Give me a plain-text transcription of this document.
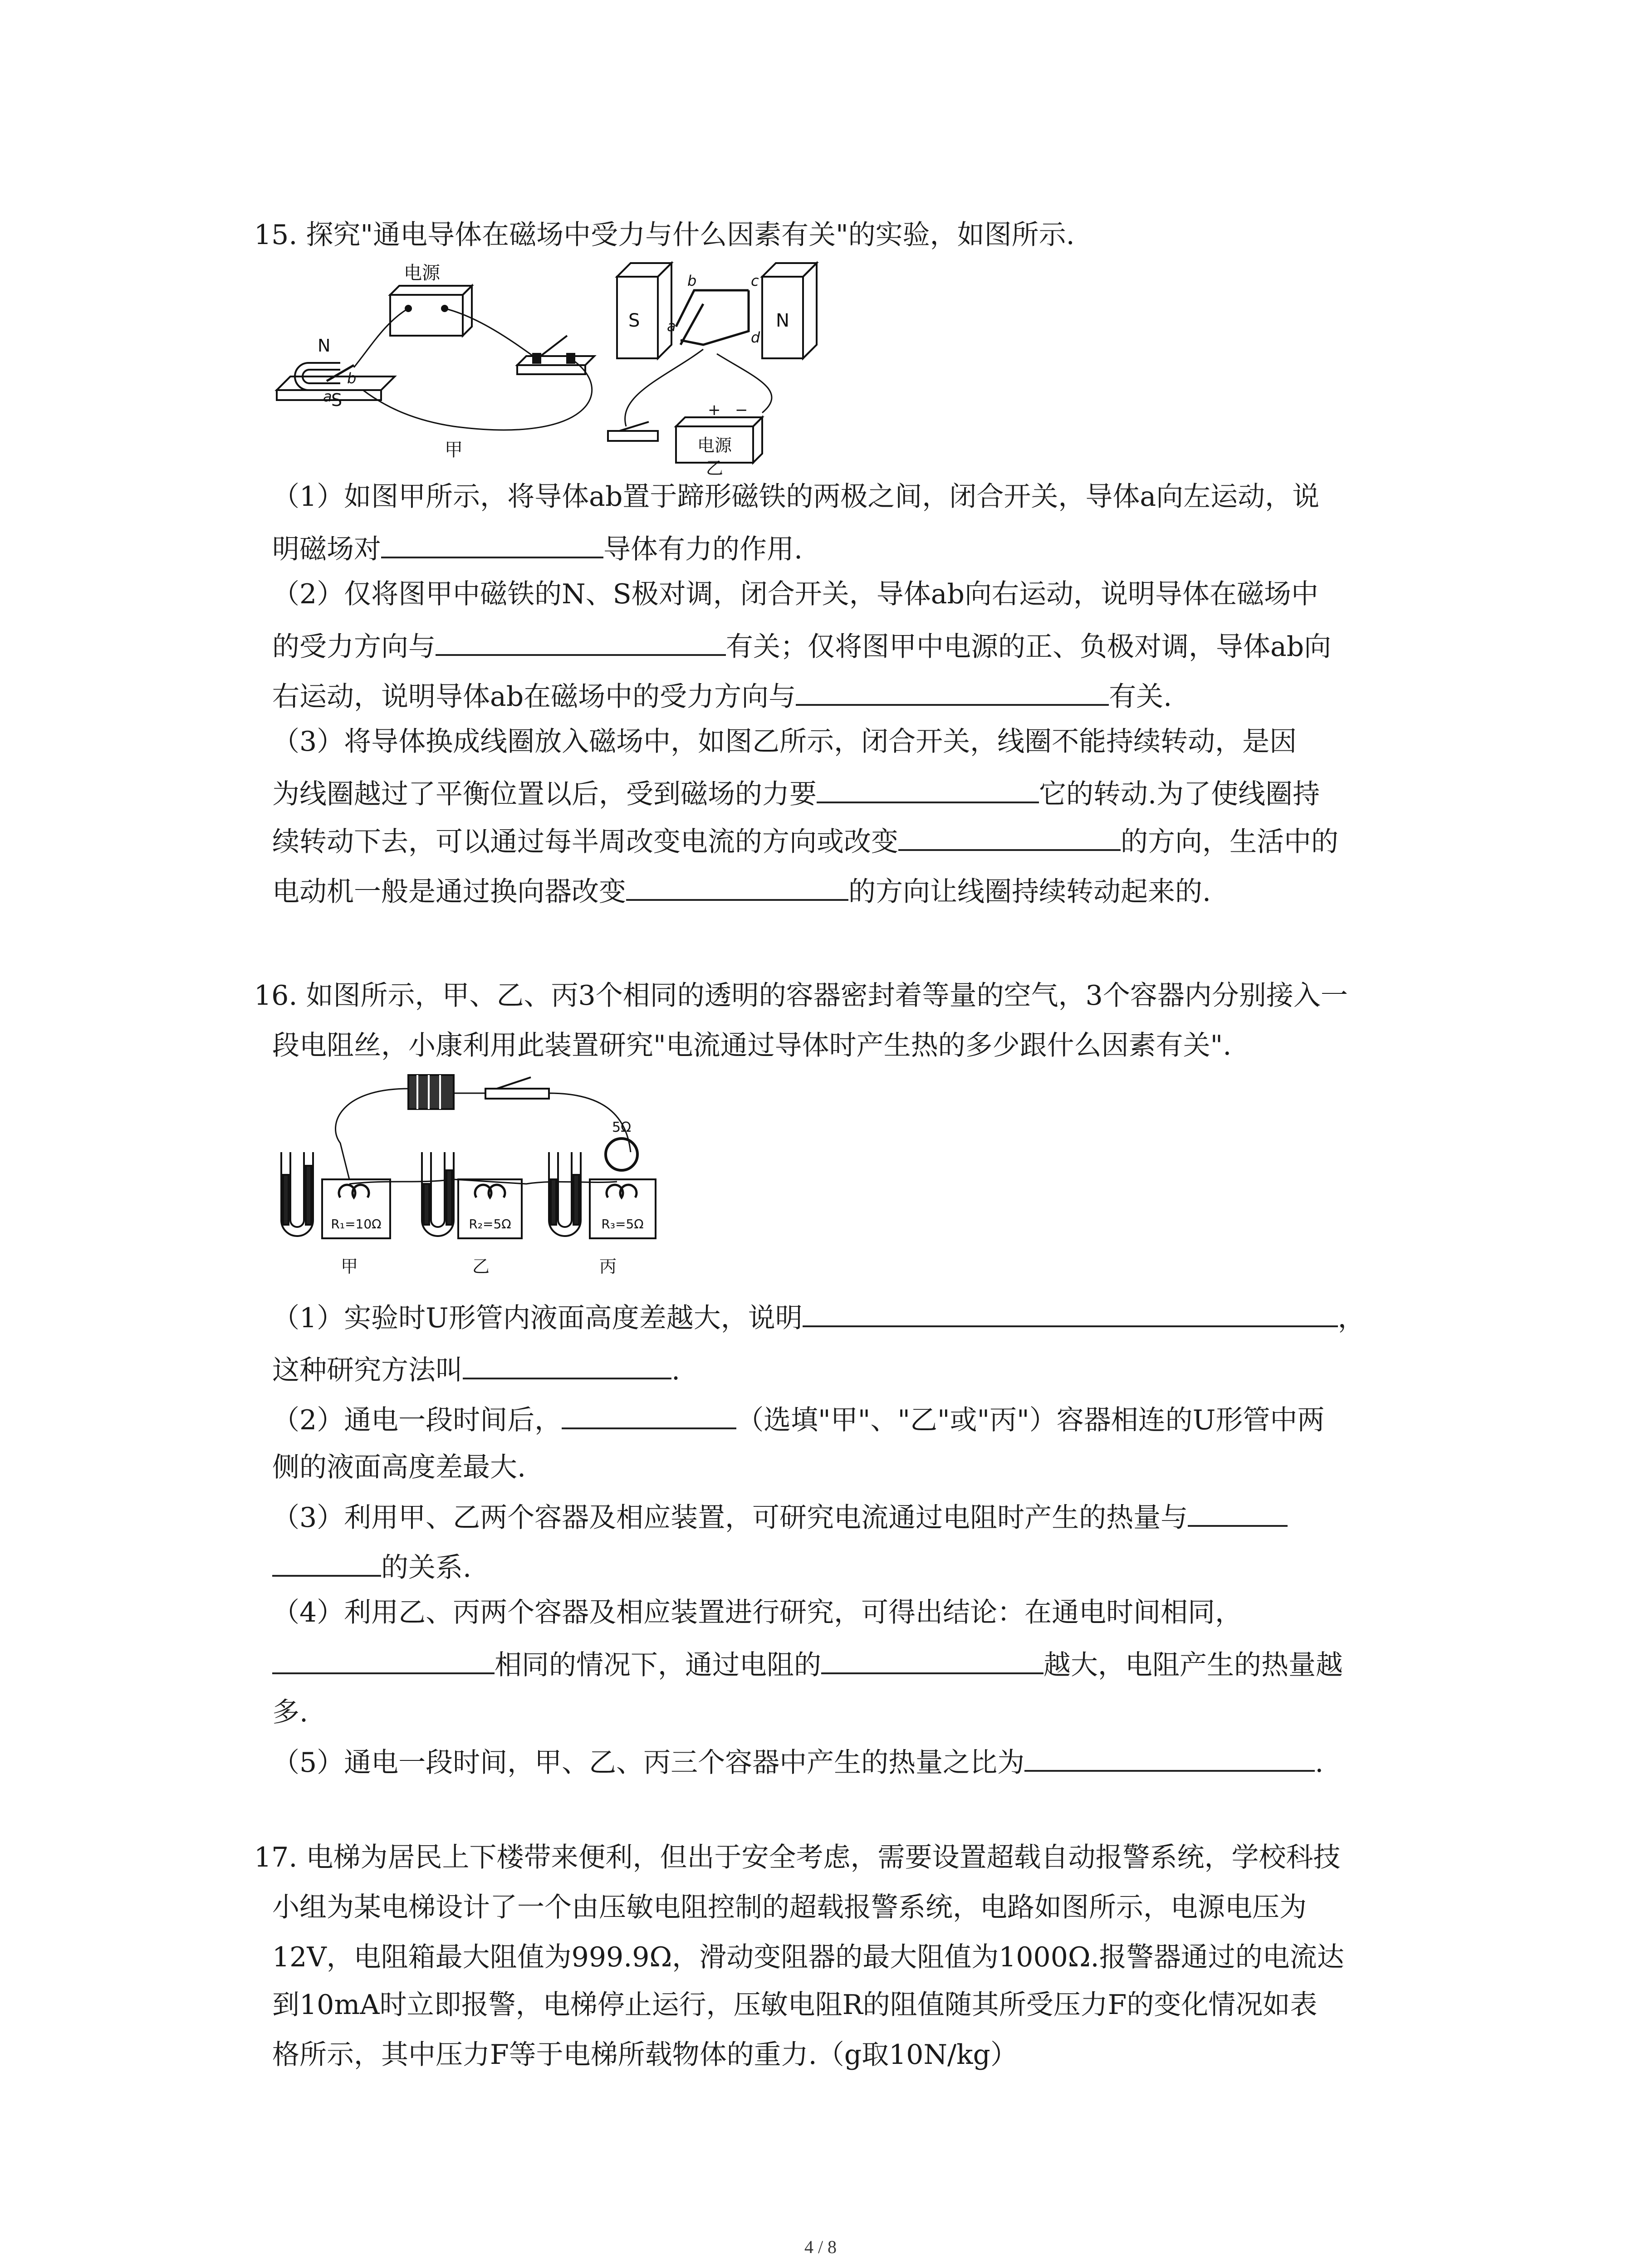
15. 探究"通电导体在磁场中受力与什么因素有关"的实验，如图所示.
电源
N
S
a
b
甲
S	N
a
b	c
d
+ −
电源
乙
（1）如图甲所示，将导体ab置于蹄形磁铁的两极之间，闭合开关，导体a向左运动，说
明磁场对	导体有力的作用.
（2）仅将图甲中磁铁的N、S极对调，闭合开关，导体ab向右运动，说明导体在磁场中
的受力方向与	有关；仅将图甲中电源的正、负极对调，导体ab向
右运动，说明导体ab在磁场中的受力方向与	有关.
（3）将导体换成线圈放入磁场中，如图乙所示，闭合开关，线圈不能持续转动，是因
为线圈越过了平衡位置以后，受到磁场的力要	它的转动.为了使线圈持
续转动下去，可以通过每半周改变电流的方向或改变	的方向，生活中的
电动机一般是通过换向器改变	的方向让线圈持续转动起来的.
16. 如图所示，甲、乙、丙3个相同的透明的容器密封着等量的空气，3个容器内分别接入一
段电阻丝，小康利用此装置研究"电流通过导体时产生热的多少跟什么因素有关".
R₁=10Ω	R₂=5Ω
5Ω
R₃=5Ω
甲	乙	丙
（1）实验时U形管内液面高度差越大，说明	，
这种研究方法叫	.
（2）通电一段时间后，	（选填"甲"、"乙"或"丙"）容器相连的U形管中两
侧的液面高度差最大.
（3）利用甲、乙两个容器及相应装置，可研究电流通过电阻时产生的热量与
的关系.
（4）利用乙、丙两个容器及相应装置进行研究，可得出结论：在通电时间相同，
相同的情况下，通过电阻的	越大，电阻产生的热量越
多.
（5）通电一段时间，甲、乙、丙三个容器中产生的热量之比为	.
17. 电梯为居民上下楼带来便利，但出于安全考虑，需要设置超载自动报警系统，学校科技
小组为某电梯设计了一个由压敏电阻控制的超载报警系统，电路如图所示，电源电压为
12V，电阻箱最大阻值为999.9Ω，滑动变阻器的最大阻值为1000Ω.报警器通过的电流达
到10mA时立即报警，电梯停止运行，压敏电阻R的阻值随其所受压力F的变化情况如表
格所示，其中压力F等于电梯所载物体的重力.（g取10N/kg）
4 / 8
